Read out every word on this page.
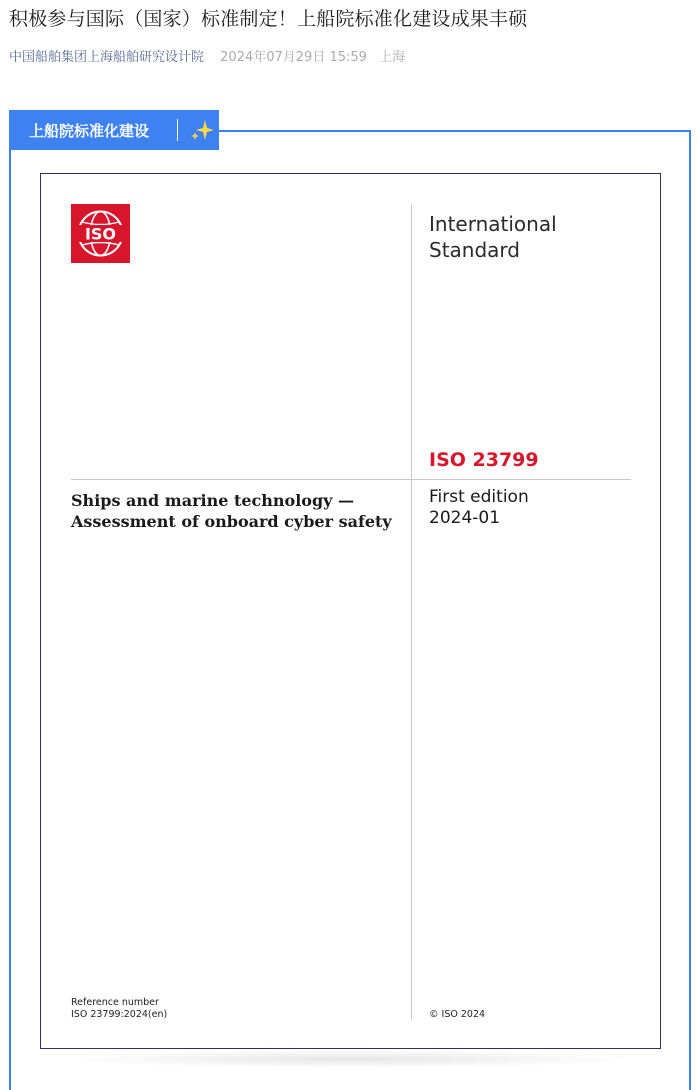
积极参与国际（国家）标准制定！上船院标准化建设成果丰硕
中国船舶集团上海船舶研究设计院 2024年07月29日 15:59 上海
上船院标准化建设
ISO	International
Standard
ISO 23799
Ships and marine technology —
Assessment of onboard cyber safety
First edition
2024-01
Reference number
ISO 23799:2024(en)	© ISO 2024
